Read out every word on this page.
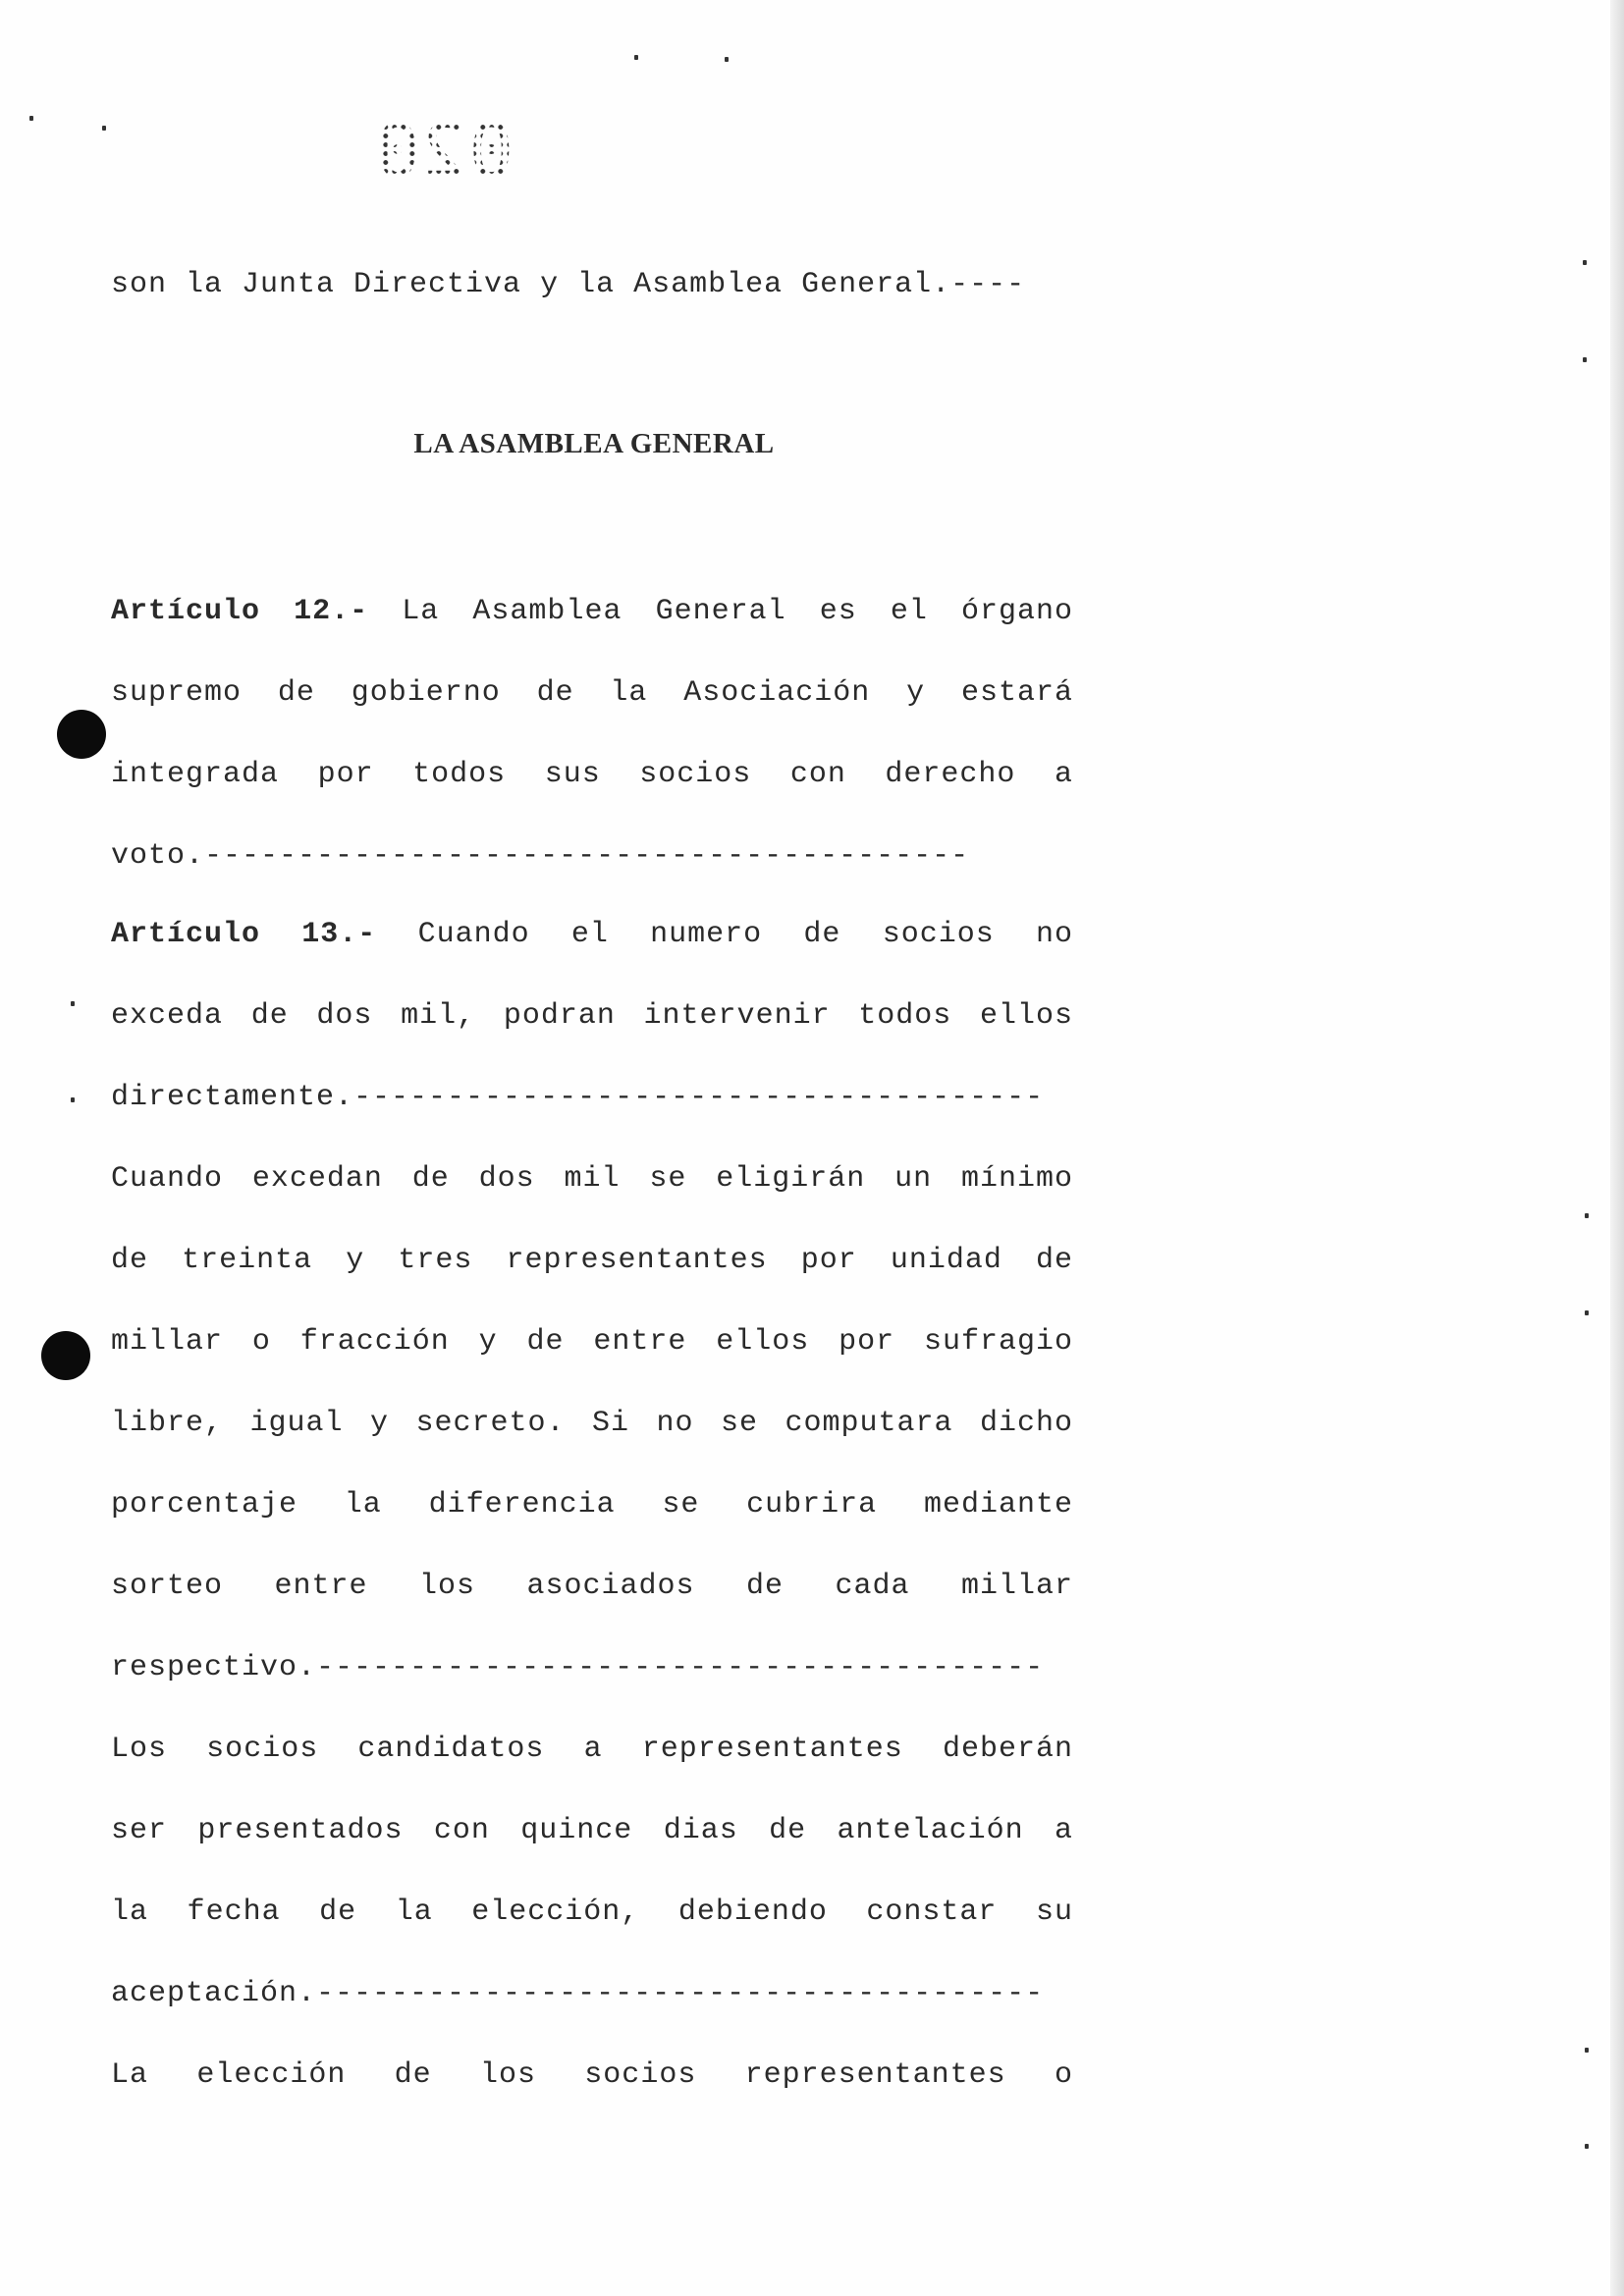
020
son la Junta Directiva y la Asamblea General.----
LA ASAMBLEA GENERAL
Artículo 12.- La Asamblea General es el órgano
supremo de gobierno de la Asociación y estará
integrada por todos sus socios con derecho a
voto.-----------------------------------------
Artículo 13.- Cuando el numero de socios no
exceda de dos mil, podran intervenir todos ellos
directamente.-------------------------------------
Cuando excedan de dos mil se eligirán un mínimo
de treinta y tres representantes por unidad de
millar o fracción y de entre ellos por sufragio
libre, igual y secreto. Si no se computara dicho
porcentaje la diferencia se cubrira mediante
sorteo entre los asociados de cada millar
respectivo.---------------------------------------
Los socios candidatos a representantes deberán
ser presentados con quince dias de antelación a
la fecha de la elección, debiendo constar su
aceptación.---------------------------------------
La elección de los socios representantes o
